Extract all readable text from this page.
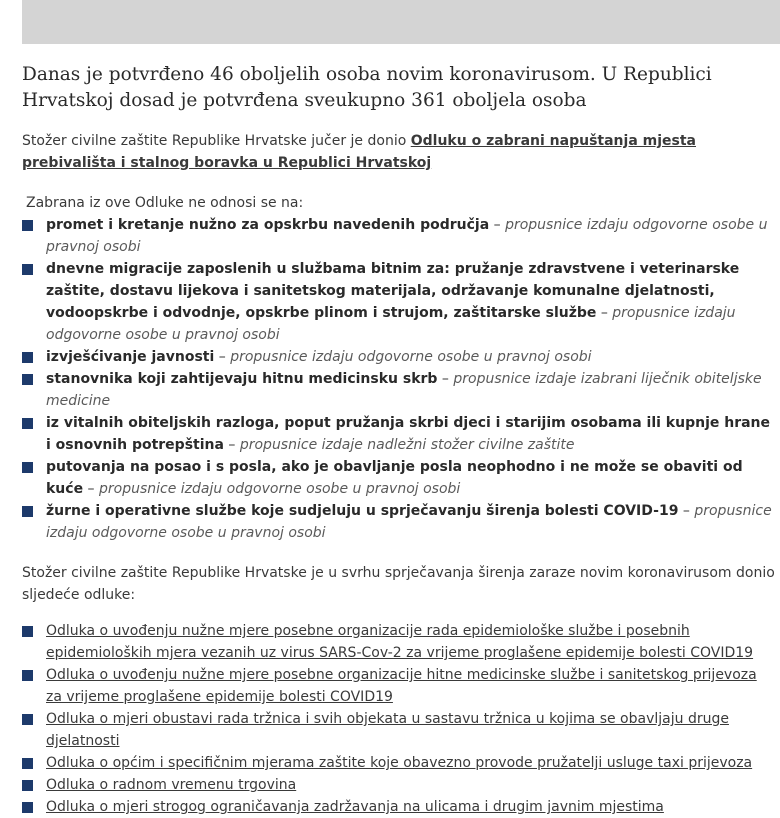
Danas je potvrđeno 46 oboljelih osoba novim koronavirusom. U Republici Hrvatskoj dosad je potvrđena sveukupno 361 oboljela osoba

Stožer civilne zaštite Republike Hrvatske jučer je donio Odluku o zabrani napuštanja mjesta prebivališta i stalnog boravka u Republici Hrvatskoj

Zabrana iz ove Odluke ne odnosi se na:

promet i kretanje nužno za opskrbu navedenih područja – propusnice izdaju odgovorne osobe u pravnoj osobi
dnevne migracije zaposlenih u službama bitnim za: pružanje zdravstvene i veterinarske zaštite, dostavu lijekova i sanitetskog materijala, održavanje komunalne djelatnosti, vodoopskrbe i odvodnje, opskrbe plinom i strujom, zaštitarske službe – propusnice izdaju odgovorne osobe u pravnoj osobi
izvješćivanje javnosti – propusnice izdaju odgovorne osobe u pravnoj osobi
stanovnika koji zahtijevaju hitnu medicinsku skrb – propusnice izdaje izabrani liječnik obiteljske medicine
iz vitalnih obiteljskih razloga, poput pružanja skrbi djeci i starijim osobama ili kupnje hrane i osnovnih potrepština – propusnice izdaje nadležni stožer civilne zaštite
putovanja na posao i s posla, ako je obavljanje posla neophodno i ne može se obaviti od kuće – propusnice izdaju odgovorne osobe u pravnoj osobi
žurne i operativne službe koje sudjeluju u sprječavanju širenja bolesti COVID-19 – propusnice izdaju odgovorne osobe u pravnoj osobi

Stožer civilne zaštite Republike Hrvatske je u svrhu sprječavanja širenja zaraze novim koronavirusom donio sljedeće odluke:

Odluka o uvođenju nužne mjere posebne organizacije rada epidemiološke službe i posebnih epidemioloških mjera vezanih uz virus SARS-Cov-2 za vrijeme proglašene epidemije bolesti COVID19
Odluka o uvođenju nužne mjere posebne organizacije hitne medicinske službe i sanitetskog prijevoza za vrijeme proglašene epidemije bolesti COVID19
Odluka o mjeri obustavi rada tržnica i svih objekata u sastavu tržnica u kojima se obavljaju druge djelatnosti
Odluka o općim i specifičnim mjerama zaštite koje obavezno provode pružatelji usluge taxi prijevoza
Odluka o radnom vremenu trgovina
Odluka o mjeri strogog ograničavanja zadržavanja na ulicama i drugim javnim mjestima
